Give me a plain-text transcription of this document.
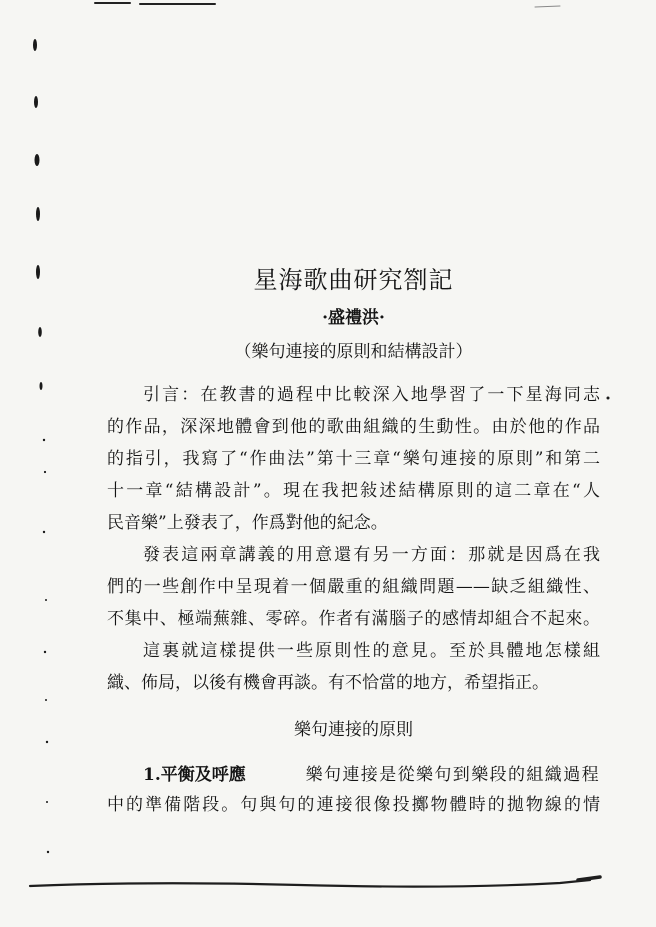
星海歌曲研究劄記
·盛禮洪·
（樂句連接的原則和結構設計）
引言：在教書的過程中比較深入地學習了一下星海同志
的作品，深深地體會到他的歌曲組織的生動性。由於他的作品
的指引，我寫了“作曲法”第十三章“樂句連接的原則”和第二
十一章“結構設計”。現在我把敍述結構原則的這二章在“人
民音樂”上發表了，作爲對他的紀念。
發表這兩章講義的用意還有另一方面：那就是因爲在我
們的一些創作中呈現着一個嚴重的組織問題——缺乏組織性、
不集中、極端蕪雜、零碎。作者有滿腦子的感情却組合不起來。
這裏就這樣提供一些原則性的意見。至於具體地怎樣組
織、佈局，以後有機會再談。有不恰當的地方，希望指正。
樂句連接的原則
1.平衡及呼應	樂句連接是從樂句到樂段的組織過程
中的準備階段。句與句的連接很像投擲物體時的拋物線的情
